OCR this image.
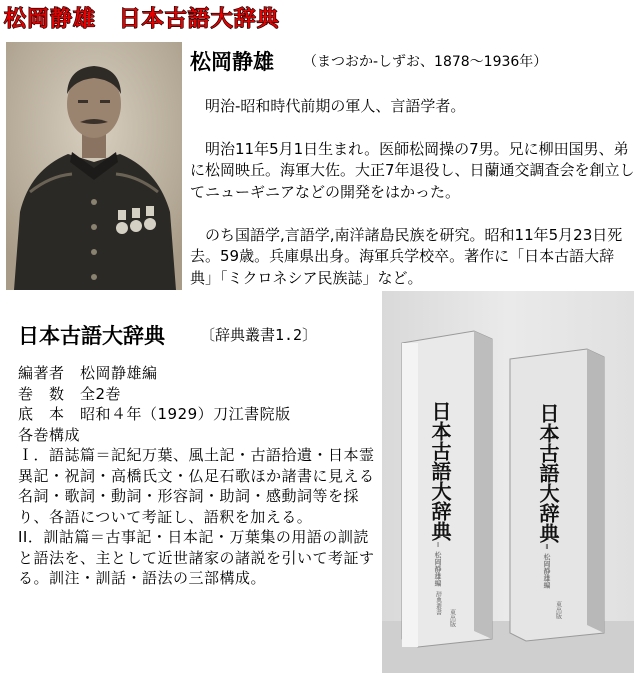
松岡静雄 日本古語大辞典
松岡静雄 （まつおか-しずお、1878〜1936年）

　明治-昭和時代前期の軍人、言語学者。

　明治11年5月1日生まれ。医師松岡操の7男。兄に柳田国男、弟に松岡映丘。海軍大佐。大正7年退役し、日蘭通交調査会を創立してニューギニアなどの開発をはかった。

　のち国語学,言語学,南洋諸島民族を研究。昭和11年5月23日死去。59歳。兵庫県出身。海軍兵学校卒。著作に「日本古語大辞典」「ミクロネシア民族誌」など。

日本古語大辞典 〔辞典叢書1.2〕
編著者　松岡静雄編
巻　数　全2巻
底　本　昭和４年（1929）刀江書院版
各巻構成
Ｉ．語誌篇＝記紀万葉、風土記・古語拾遺・日本霊異記・祝詞・高橋氏文・仏足石歌ほか諸書に見える名詞・歌詞・動詞・形容詞・助詞・感動詞等を採り、各語について考証し、語釈を加える。
II．訓詁篇＝古事記・日本記・万葉集の用語の訓読と語法を、主として近世諸家の諸説を引いて考証する。訓注・訓話・語法の三部構成。
日本古語大辞典
Ⅰ 松岡静雄編
辞典叢書
東出版
日本古語大辞典
Ⅱ 松岡静雄編
東出版
